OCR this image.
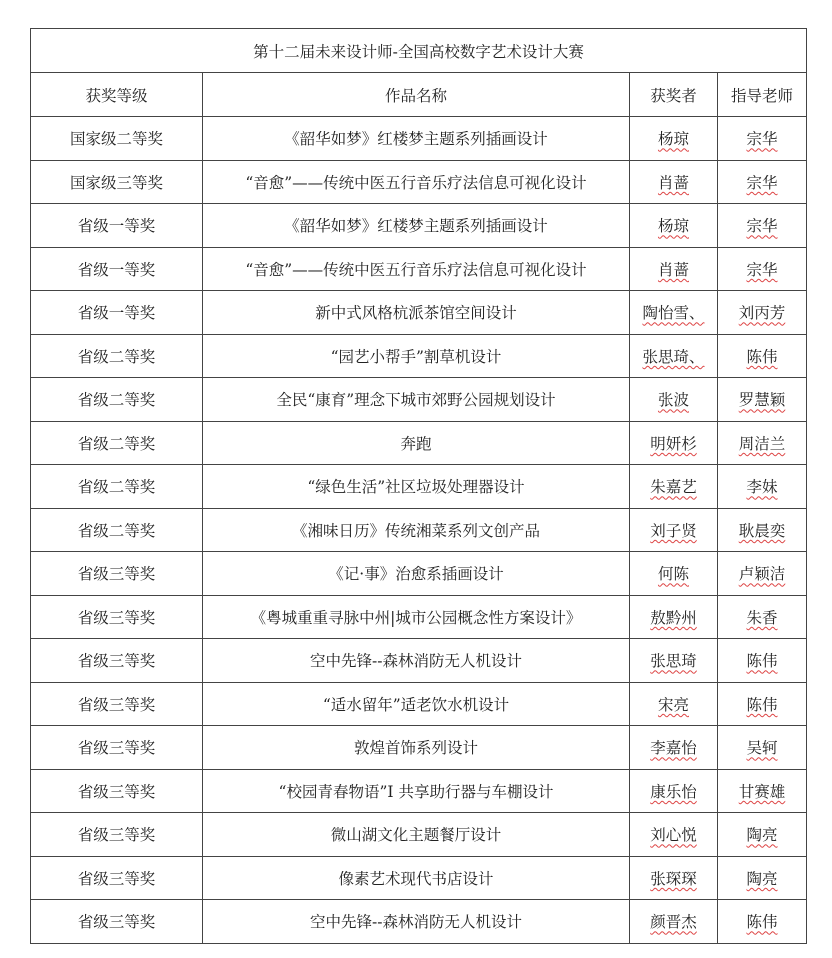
第十二届未来设计师-全国高校数字艺术设计大赛			
获奖等级	作品名称	获奖者	指导老师
国家级二等奖	《韶华如梦》红楼梦主题系列插画设计	杨琼	宗华
国家级三等奖	“音愈”——传统中医五行音乐疗法信息可视化设计	肖蔷	宗华
省级一等奖	《韶华如梦》红楼梦主题系列插画设计	杨琼	宗华
省级一等奖	“音愈”——传统中医五行音乐疗法信息可视化设计	肖蔷	宗华
省级一等奖	新中式风格杭派茶馆空间设计	陶怡雪、	刘丙芳
省级二等奖	“园艺小帮手”割草机设计	张思琦、	陈伟
省级二等奖	全民“康育”理念下城市郊野公园规划设计	张波	罗慧颖
省级二等奖	奔跑	明妍杉	周洁兰
省级二等奖	“绿色生活”社区垃圾处理器设计	朱嘉艺	李妹
省级二等奖	《湘味日历》传统湘菜系列文创产品	刘子贤	耿晨奕
省级三等奖	《记·事》治愈系插画设计	何陈	卢颖洁
省级三等奖	《粤城重重寻脉中州|城市公园概念性方案设计》	敖黔州	朱香
省级三等奖	空中先锋--森林消防无人机设计	张思琦	陈伟
省级三等奖	“适水留年”适老饮水机设计	宋亮	陈伟
省级三等奖	敦煌首饰系列设计	李嘉怡	吴轲
省级三等奖	“校园青春物语”I 共享助行器与车棚设计	康乐怡	甘赛雄
省级三等奖	微山湖文化主题餐厅设计	刘心悦	陶亮
省级三等奖	像素艺术现代书店设计	张琛琛	陶亮
省级三等奖	空中先锋--森林消防无人机设计	颜晋杰	陈伟
